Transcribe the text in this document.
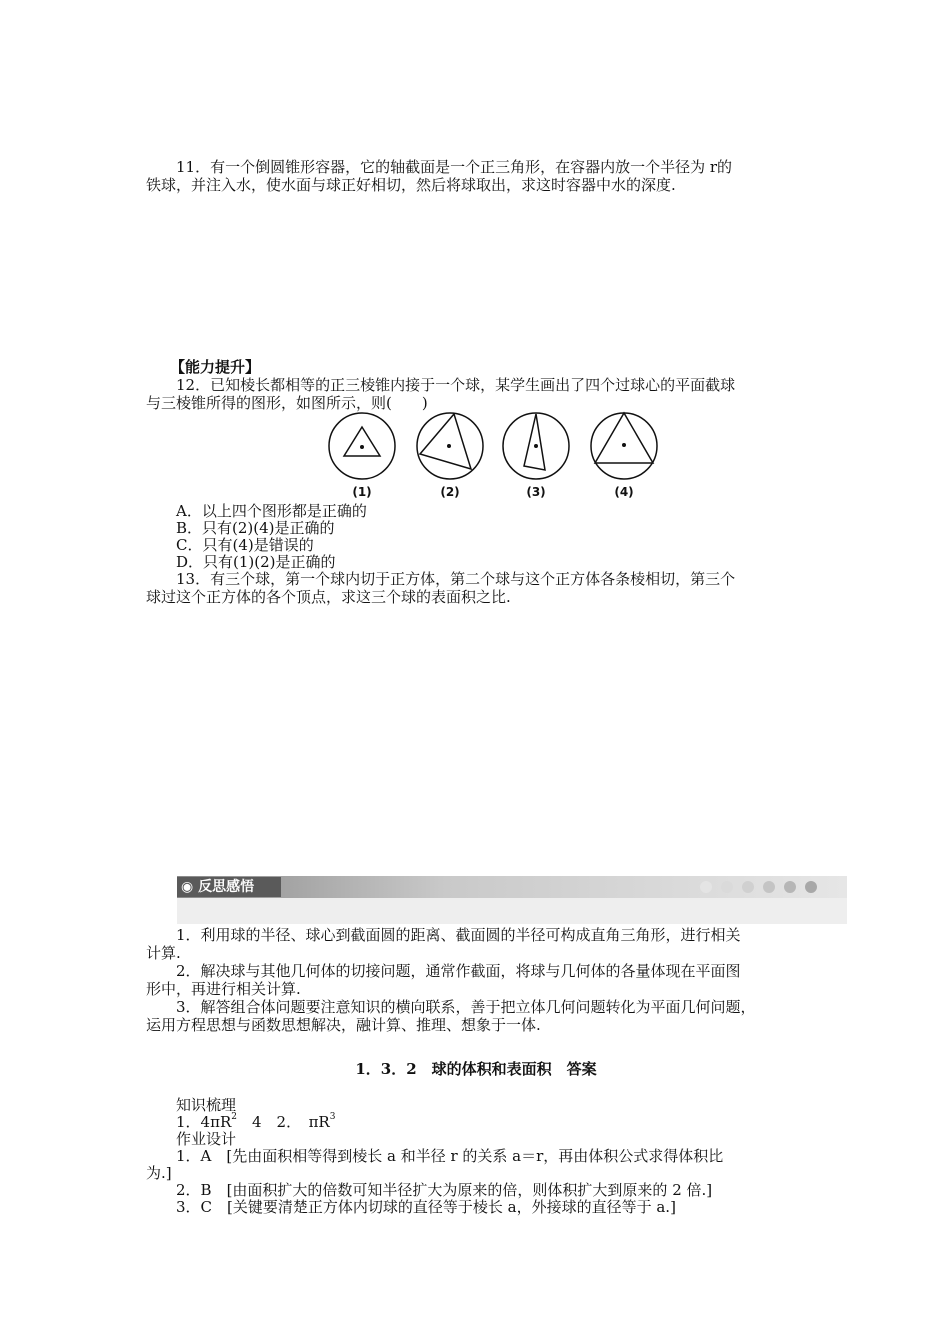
11．有一个倒圆锥形容器，它的轴截面是一个正三角形，在容器内放一个半径为 r的
铁球，并注入水，使水面与球正好相切，然后将球取出，求这时容器中水的深度.
【能力提升】
12．已知棱长都相等的正三棱锥内接于一个球，某学生画出了四个过球心的平面截球
与三棱锥所得的图形，如图所示，则(　　)
(1)	(2)	(3)	(4)
A．以上四个图形都是正确的
B．只有(2)(4)是正确的
C．只有(4)是错误的
D．只有(1)(2)是正确的
13．有三个球，第一个球内切于正方体，第二个球与这个正方体各条棱相切，第三个
球过这个正方体的各个顶点，求这三个球的表面积之比.
◉ 反思感悟
1．利用球的半径、球心到截面圆的距离、截面圆的半径可构成直角三角形，进行相关
计算.
2．解决球与其他几何体的切接问题，通常作截面，将球与几何体的各量体现在平面图
形中，再进行相关计算.
3．解答组合体问题要注意知识的横向联系，善于把立体几何问题转化为平面几何问题，
运用方程思想与函数思想解决，融计算、推理、想象于一体.
1．3．2　球的体积和表面积　答案
知识梳理
1．$4\pi R^2$　4　2．　$\pi R^3$
作业设计
1．A　[先由面积相等得到棱长 a 和半径 r 的关系 a＝r，再由体积公式求得体积比
为.]
2．B　[由面积扩大的倍数可知半径扩大为原来的倍，则体积扩大到原来的 2 倍.]
3．C　[关键要清楚正方体内切球的直径等于棱长 a，外接球的直径等于 a.]
